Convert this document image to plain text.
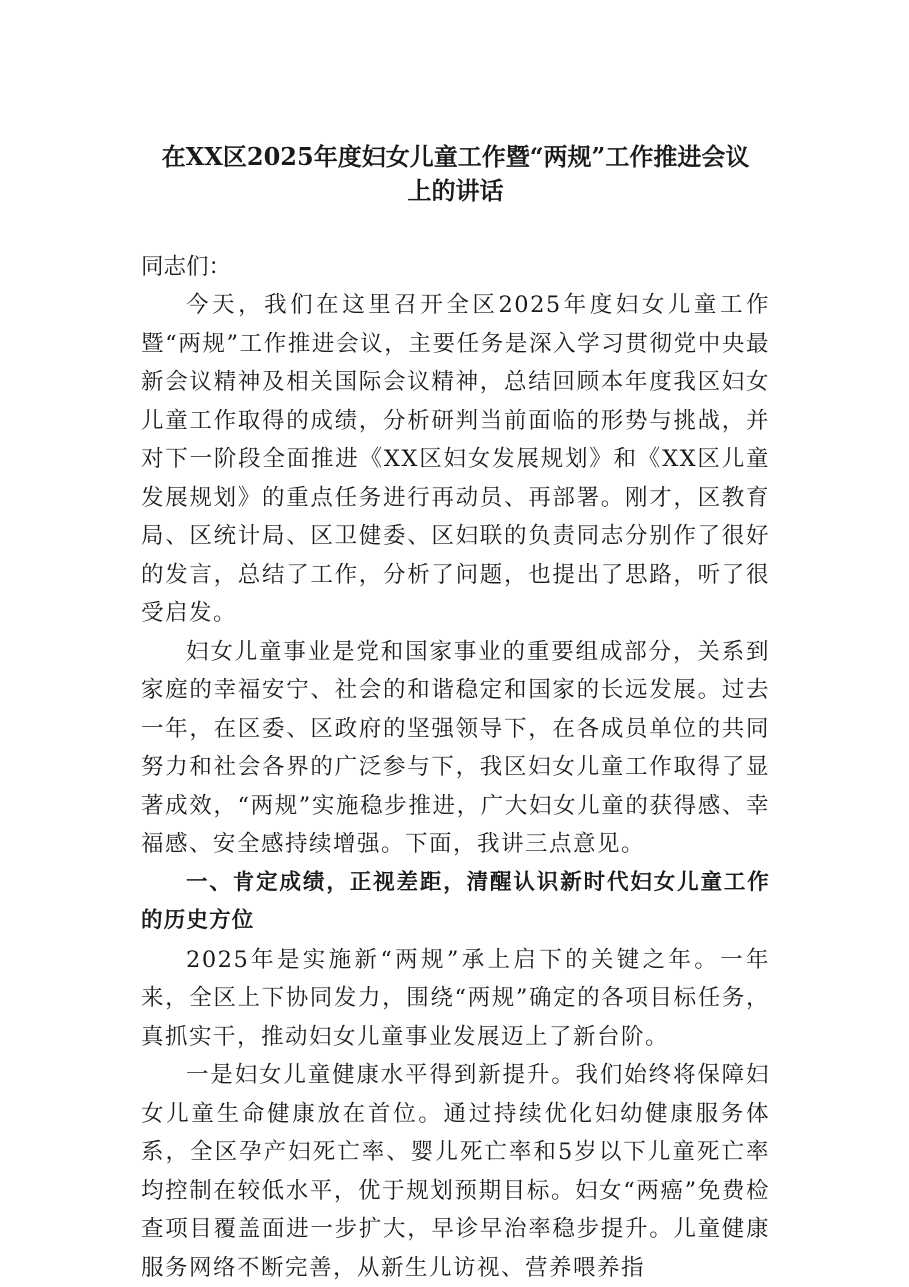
在XX区2025年度妇女儿童工作暨“两规”工作推进会议
上的讲话

同志们：

今天，我们在这里召开全区2025年度妇女儿童工作暨“两规”工作推进会议，主要任务是深入学习贯彻党中央最新会议精神及相关国际会议精神，总结回顾本年度我区妇女儿童工作取得的成绩，分析研判当前面临的形势与挑战，并对下一阶段全面推进《XX区妇女发展规划》和《XX区儿童发展规划》的重点任务进行再动员、再部署。刚才，区教育局、区统计局、区卫健委、区妇联的负责同志分别作了很好的发言，总结了工作，分析了问题，也提出了思路，听了很受启发。

妇女儿童事业是党和国家事业的重要组成部分，关系到家庭的幸福安宁、社会的和谐稳定和国家的长远发展。过去一年，在区委、区政府的坚强领导下，在各成员单位的共同努力和社会各界的广泛参与下，我区妇女儿童工作取得了显著成效，“两规”实施稳步推进，广大妇女儿童的获得感、幸福感、安全感持续增强。下面，我讲三点意见。

一、肯定成绩，正视差距，清醒认识新时代妇女儿童工作的历史方位

2025年是实施新“两规”承上启下的关键之年。一年来，全区上下协同发力，围绕“两规”确定的各项目标任务，真抓实干，推动妇女儿童事业发展迈上了新台阶。

一是妇女儿童健康水平得到新提升。我们始终将保障妇女儿童生命健康放在首位。通过持续优化妇幼健康服务体系，全区孕产妇死亡率、婴儿死亡率和5岁以下儿童死亡率均控制在较低水平，优于规划预期目标。妇女“两癌”免费检查项目覆盖面进一步扩大，早诊早治率稳步提升。儿童健康服务网络不断完善，从新生儿访视、营养喂养指
